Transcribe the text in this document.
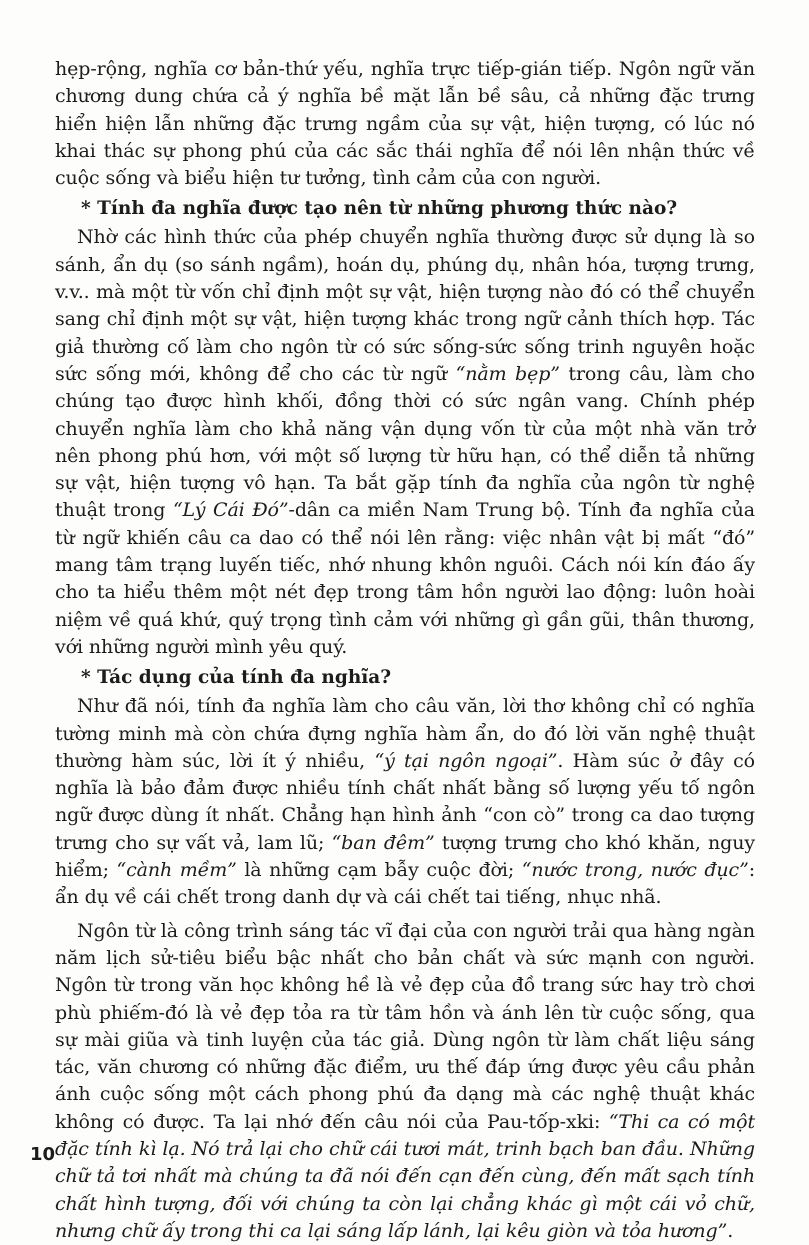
hẹp-rộng, nghĩa cơ bản-thứ yếu, nghĩa trực tiếp-gián tiếp. Ngôn ngữ văn chương dung chứa cả ý nghĩa bề mặt lẫn bề sâu, cả những đặc trưng hiển hiện lẫn những đặc trưng ngầm của sự vật, hiện tượng, có lúc nó khai thác sự phong phú của các sắc thái nghĩa để nói lên nhận thức về cuộc sống và biểu hiện tư tưởng, tình cảm của con người.

* Tính đa nghĩa được tạo nên từ những phương thức nào?

Nhờ các hình thức của phép chuyển nghĩa thường được sử dụng là so sánh, ẩn dụ (so sánh ngầm), hoán dụ, phúng dụ, nhân hóa, tượng trưng, v.v.. mà một từ vốn chỉ định một sự vật, hiện tượng nào đó có thể chuyển sang chỉ định một sự vật, hiện tượng khác trong ngữ cảnh thích hợp. Tác giả thường cố làm cho ngôn từ có sức sống-sức sống trinh nguyên hoặc sức sống mới, không để cho các từ ngữ “nằm bẹp” trong câu, làm cho chúng tạo được hình khối, đồng thời có sức ngân vang. Chính phép chuyển nghĩa làm cho khả năng vận dụng vốn từ của một nhà văn trở nên phong phú hơn, với một số lượng từ hữu hạn, có thể diễn tả những sự vật, hiện tượng vô hạn. Ta bắt gặp tính đa nghĩa của ngôn từ nghệ thuật trong “Lý Cái Đó”-dân ca miền Nam Trung bộ. Tính đa nghĩa của từ ngữ khiến câu ca dao có thể nói lên rằng: việc nhân vật bị mất “đó” mang tâm trạng luyến tiếc, nhớ nhung khôn nguôi. Cách nói kín đáo ấy cho ta hiểu thêm một nét đẹp trong tâm hồn người lao động: luôn hoài niệm về quá khứ, quý trọng tình cảm với những gì gần gũi, thân thương, với những người mình yêu quý.

* Tác dụng của tính đa nghĩa?

Như đã nói, tính đa nghĩa làm cho câu văn, lời thơ không chỉ có nghĩa tường minh mà còn chứa đựng nghĩa hàm ẩn, do đó lời văn nghệ thuật thường hàm súc, lời ít ý nhiều, “ý tại ngôn ngoại”. Hàm súc ở đây có nghĩa là bảo đảm được nhiều tính chất nhất bằng số lượng yếu tố ngôn ngữ được dùng ít nhất. Chẳng hạn hình ảnh “con cò” trong ca dao tượng trưng cho sự vất vả, lam lũ; “ban đêm” tượng trưng cho khó khăn, nguy hiểm; “cành mềm” là những cạm bẫy cuộc đời; “nước trong, nước đục”: ẩn dụ về cái chết trong danh dự và cái chết tai tiếng, nhục nhã.

Ngôn từ là công trình sáng tác vĩ đại của con người trải qua hàng ngàn năm lịch sử-tiêu biểu bậc nhất cho bản chất và sức mạnh con người. Ngôn từ trong văn học không hề là vẻ đẹp của đồ trang sức hay trò chơi phù phiếm-đó là vẻ đẹp tỏa ra từ tâm hồn và ánh lên từ cuộc sống, qua sự mài giũa và tinh luyện của tác giả. Dùng ngôn từ làm chất liệu sáng tác, văn chương có những đặc điểm, ưu thế đáp ứng được yêu cầu phản ánh cuộc sống một cách phong phú đa dạng mà các nghệ thuật khác không có được. Ta lại nhớ đến câu nói của Pau-tốp-xki: “Thi ca có một đặc tính kì lạ. Nó trả lại cho chữ cái tươi mát, trinh bạch ban đầu. Những chữ tả tơi nhất mà chúng ta đã nói đến cạn đến cùng, đến mất sạch tính chất hình tượng, đối với chúng ta còn lại chẳng khác gì một cái vỏ chữ, nhưng chữ ấy trong thi ca lại sáng lấp lánh, lại kêu giòn và tỏa hương”.

10
